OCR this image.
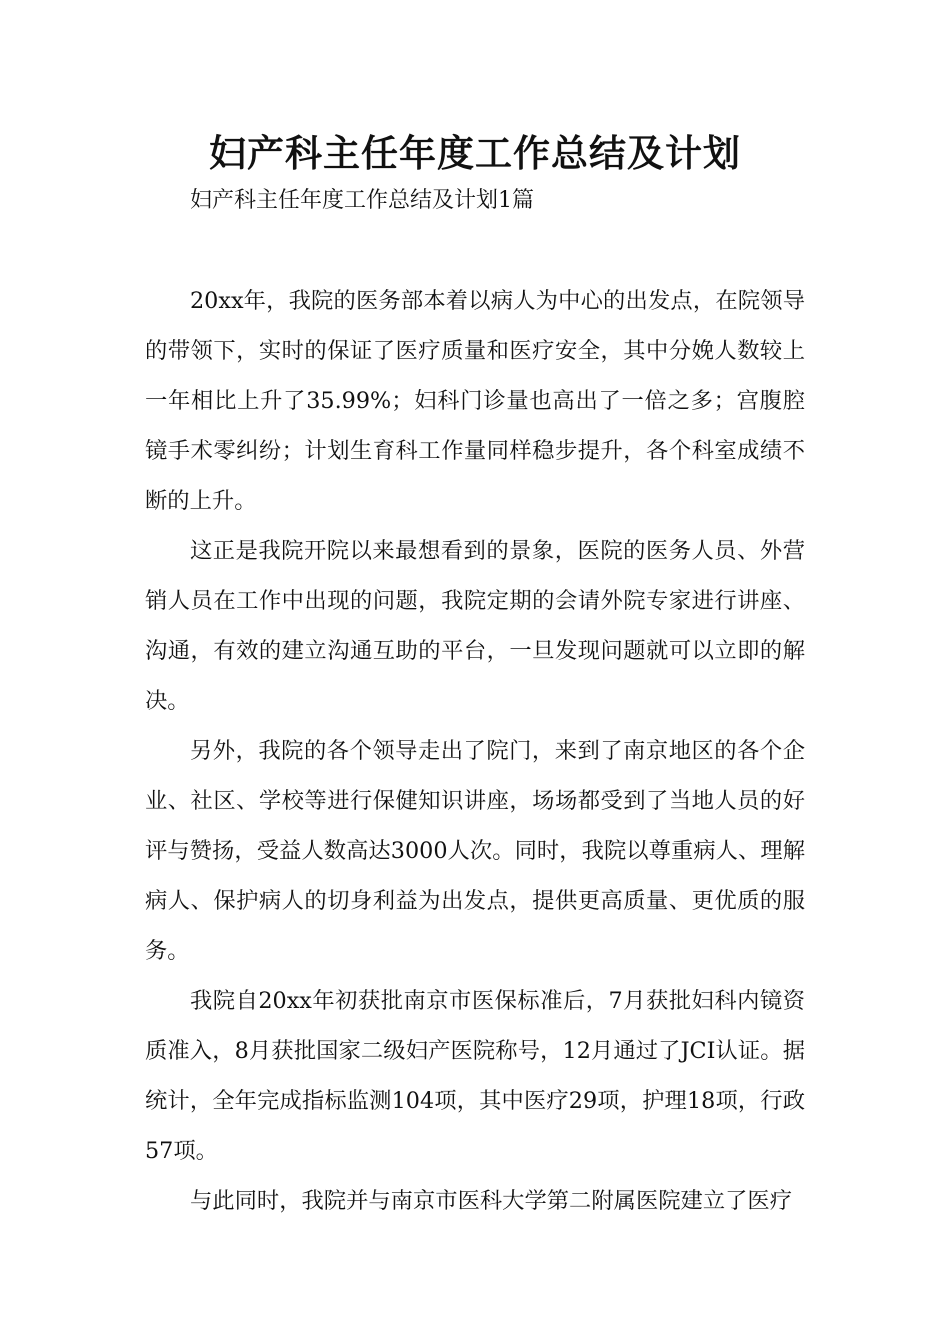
妇产科主任年度工作总结及计划
妇产科主任年度工作总结及计划1篇

20xx年，我院的医务部本着以病人为中心的出发点，在院领导的带领下，实时的保证了医疗质量和医疗安全，其中分娩人数较上一年相比上升了35.99%；妇科门诊量也高出了一倍之多；宫腹腔镜手术零纠纷；计划生育科工作量同样稳步提升，各个科室成绩不断的上升。

这正是我院开院以来最想看到的景象，医院的医务人员、外营销人员在工作中出现的问题，我院定期的会请外院专家进行讲座、沟通，有效的建立沟通互助的平台，一旦发现问题就可以立即的解决。

另外，我院的各个领导走出了院门，来到了南京地区的各个企业、社区、学校等进行保健知识讲座，场场都受到了当地人员的好评与赞扬，受益人数高达3000人次。同时，我院以尊重病人、理解病人、保护病人的切身利益为出发点，提供更高质量、更优质的服务。

我院自20xx年初获批南京市医保标准后，7月获批妇科内镜资质准入，8月获批国家二级妇产医院称号，12月通过了JCI认证。据统计，全年完成指标监测104项，其中医疗29项，护理18项，行政57项。

与此同时，我院并与南京市医科大学第二附属医院建立了医疗
